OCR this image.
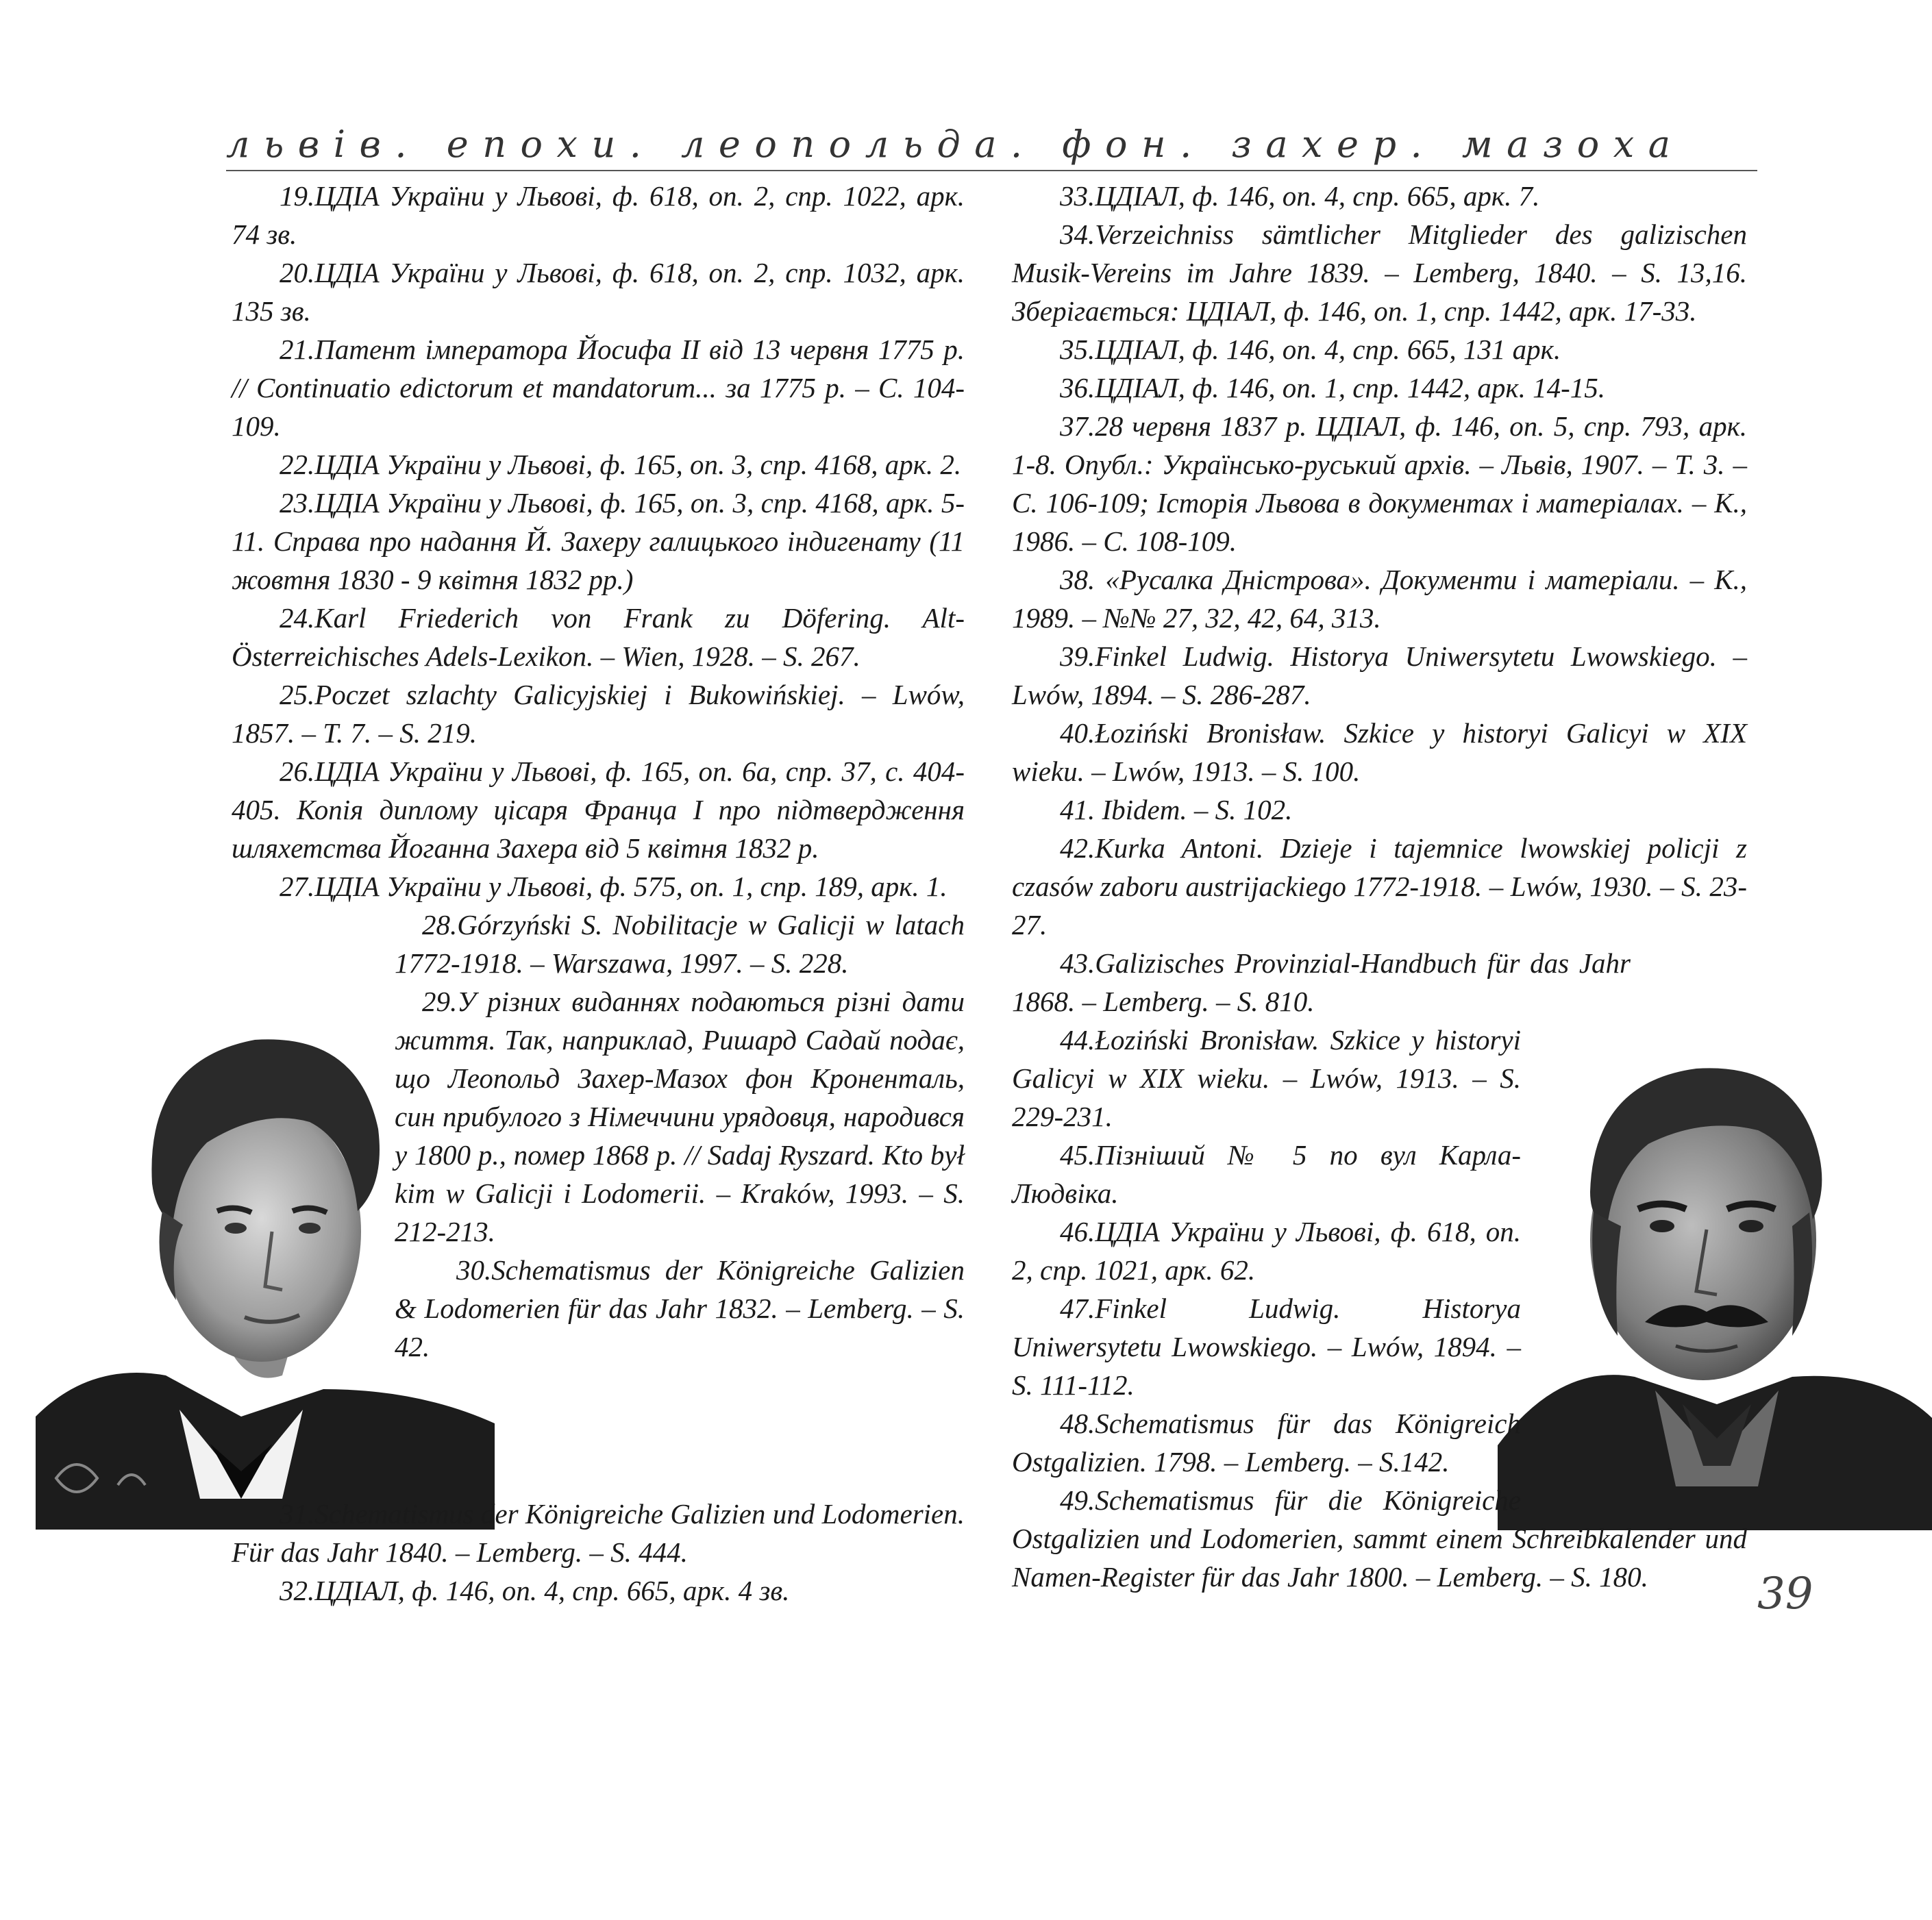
львів. епохи. леопольда. фон. захер. мазоха

19.ЦДІА України у Львові, ф. 618, оп. 2, спр. 1022, арк. 74 зв.

20.ЦДІА України у Львові, ф. 618, оп. 2, спр. 1032, арк. 135 зв.

21.Патент імператора Йосифа II від 13 червня 1775 р. // Continuatio edictorum et mandatorum... за 1775 р. – С. 104-109.

22.ЦДІА України у Львові, ф. 165, оп. 3, спр. 4168, арк. 2.

23.ЦДІА України у Львові, ф. 165, оп. 3, спр. 4168, арк. 5-11. Справа про надання Й. Захеру галицького індигенату (11 жовтня 1830 - 9 квітня 1832 рр.)

24.Karl Friederich von Frank zu Döfering. Alt-Österreichisches Adels-Lexikon. – Wien, 1928. – S. 267.

25.Poczet szlachty Galicyjskiej i Bukowińskiej. – Lwów, 1857. – T. 7. – S. 219.

26.ЦДІА України у Львові, ф. 165, оп. 6а, спр. 37, с. 404-405. Копія диплому цісаря Франца I про підтвердження шляхетства Йоганна Захера від 5 квітня 1832 р.

27.ЦДІА України у Львові, ф. 575, оп. 1, спр. 189, арк. 1.

28.Górzyński S. Nobilitacje w Galicji w latach 1772-1918. – Warszawa, 1997. – S. 228.

29.У різних виданнях подаються різні дати життя. Так, наприклад, Ришард Садай подає, що Леопольд Захер-Мазох фон Кроненталь, син прибулого з Німеччини урядовця, народився у 1800 р., помер 1868 р. // Sadaj Ryszard. Kto był kim w Galicji i Lodomerii. – Kraków, 1993. – S. 212-213.

30.Schematismus der Königreiche Galizien & Lodomerien für das Jahr 1832. – Lemberg. – S. 42.

31.Schematismus der Königreiche Galizien und Lodomerien. Für das Jahr 1840. – Lemberg. – S. 444.

32.ЦДІАЛ, ф. 146, оп. 4, спр. 665, арк. 4 зв.

33.ЦДІАЛ, ф. 146, оп. 4, спр. 665, арк. 7.

34.Verzeichniss sämtlicher Mitglieder des galizischen Musik-Vereins im Jahre 1839. – Lemberg, 1840. – S. 13,16. Зберігається: ЦДІАЛ, ф. 146, оп. 1, спр. 1442, арк. 17-33.

35.ЦДІАЛ, ф. 146, оп. 4, спр. 665, 131 арк.

36.ЦДІАЛ, ф. 146, оп. 1, спр. 1442, арк. 14-15.

37.28 червня 1837 р. ЦДІАЛ, ф. 146, оп. 5, спр. 793, арк. 1-8. Опубл.: Українсько-руський архів. – Львів, 1907. – Т. 3. – С. 106-109; Історія Львова в документах і матеріалах. – К., 1986. – С. 108-109.

38. «Русалка Дністрова». Документи і матеріали. – К., 1989. – №№ 27, 32, 42, 64, 313.

39.Finkel Ludwig. Historya Uniwersytetu Lwowskiego. – Lwów, 1894. – S. 286-287.

40.Łoziński Bronisław. Szkice y historyi Galicyi w XIX wieku. – Lwów, 1913. – S. 100.

41. Ibidem. – S. 102.

42.Kurka Antoni. Dzieje i tajemnice lwowskiej policji z czasów zaboru austrijackiego 1772-1918. – Lwów, 1930. – S. 23-27.

43.Galizisches Provinzial-Handbuch für das Jahr 1868. – Lemberg. – S. 810.

44.Łoziński Bronisław. Szkice y historyi Galicyi w XIX wieku. – Lwów, 1913. – S. 229-231.

45.Пізніший № 5 по вул Карла-Людвіка.

46.ЦДІА України у Львові, ф. 618, оп. 2, спр. 1021, арк. 62.

47.Finkel Ludwig. Historya Uniwersytetu Lwowskiego. – Lwów, 1894. – S. 111-112.

48.Schematismus für das Königreich Ostgalizien. 1798. – Lemberg. – S.142.

49.Schematismus für die Königreiche Ostgalizien und Lodomerien, sammt einem Schreibkalender und Namen-Register für das Jahr 1800. – Lemberg. – S. 180.	39
